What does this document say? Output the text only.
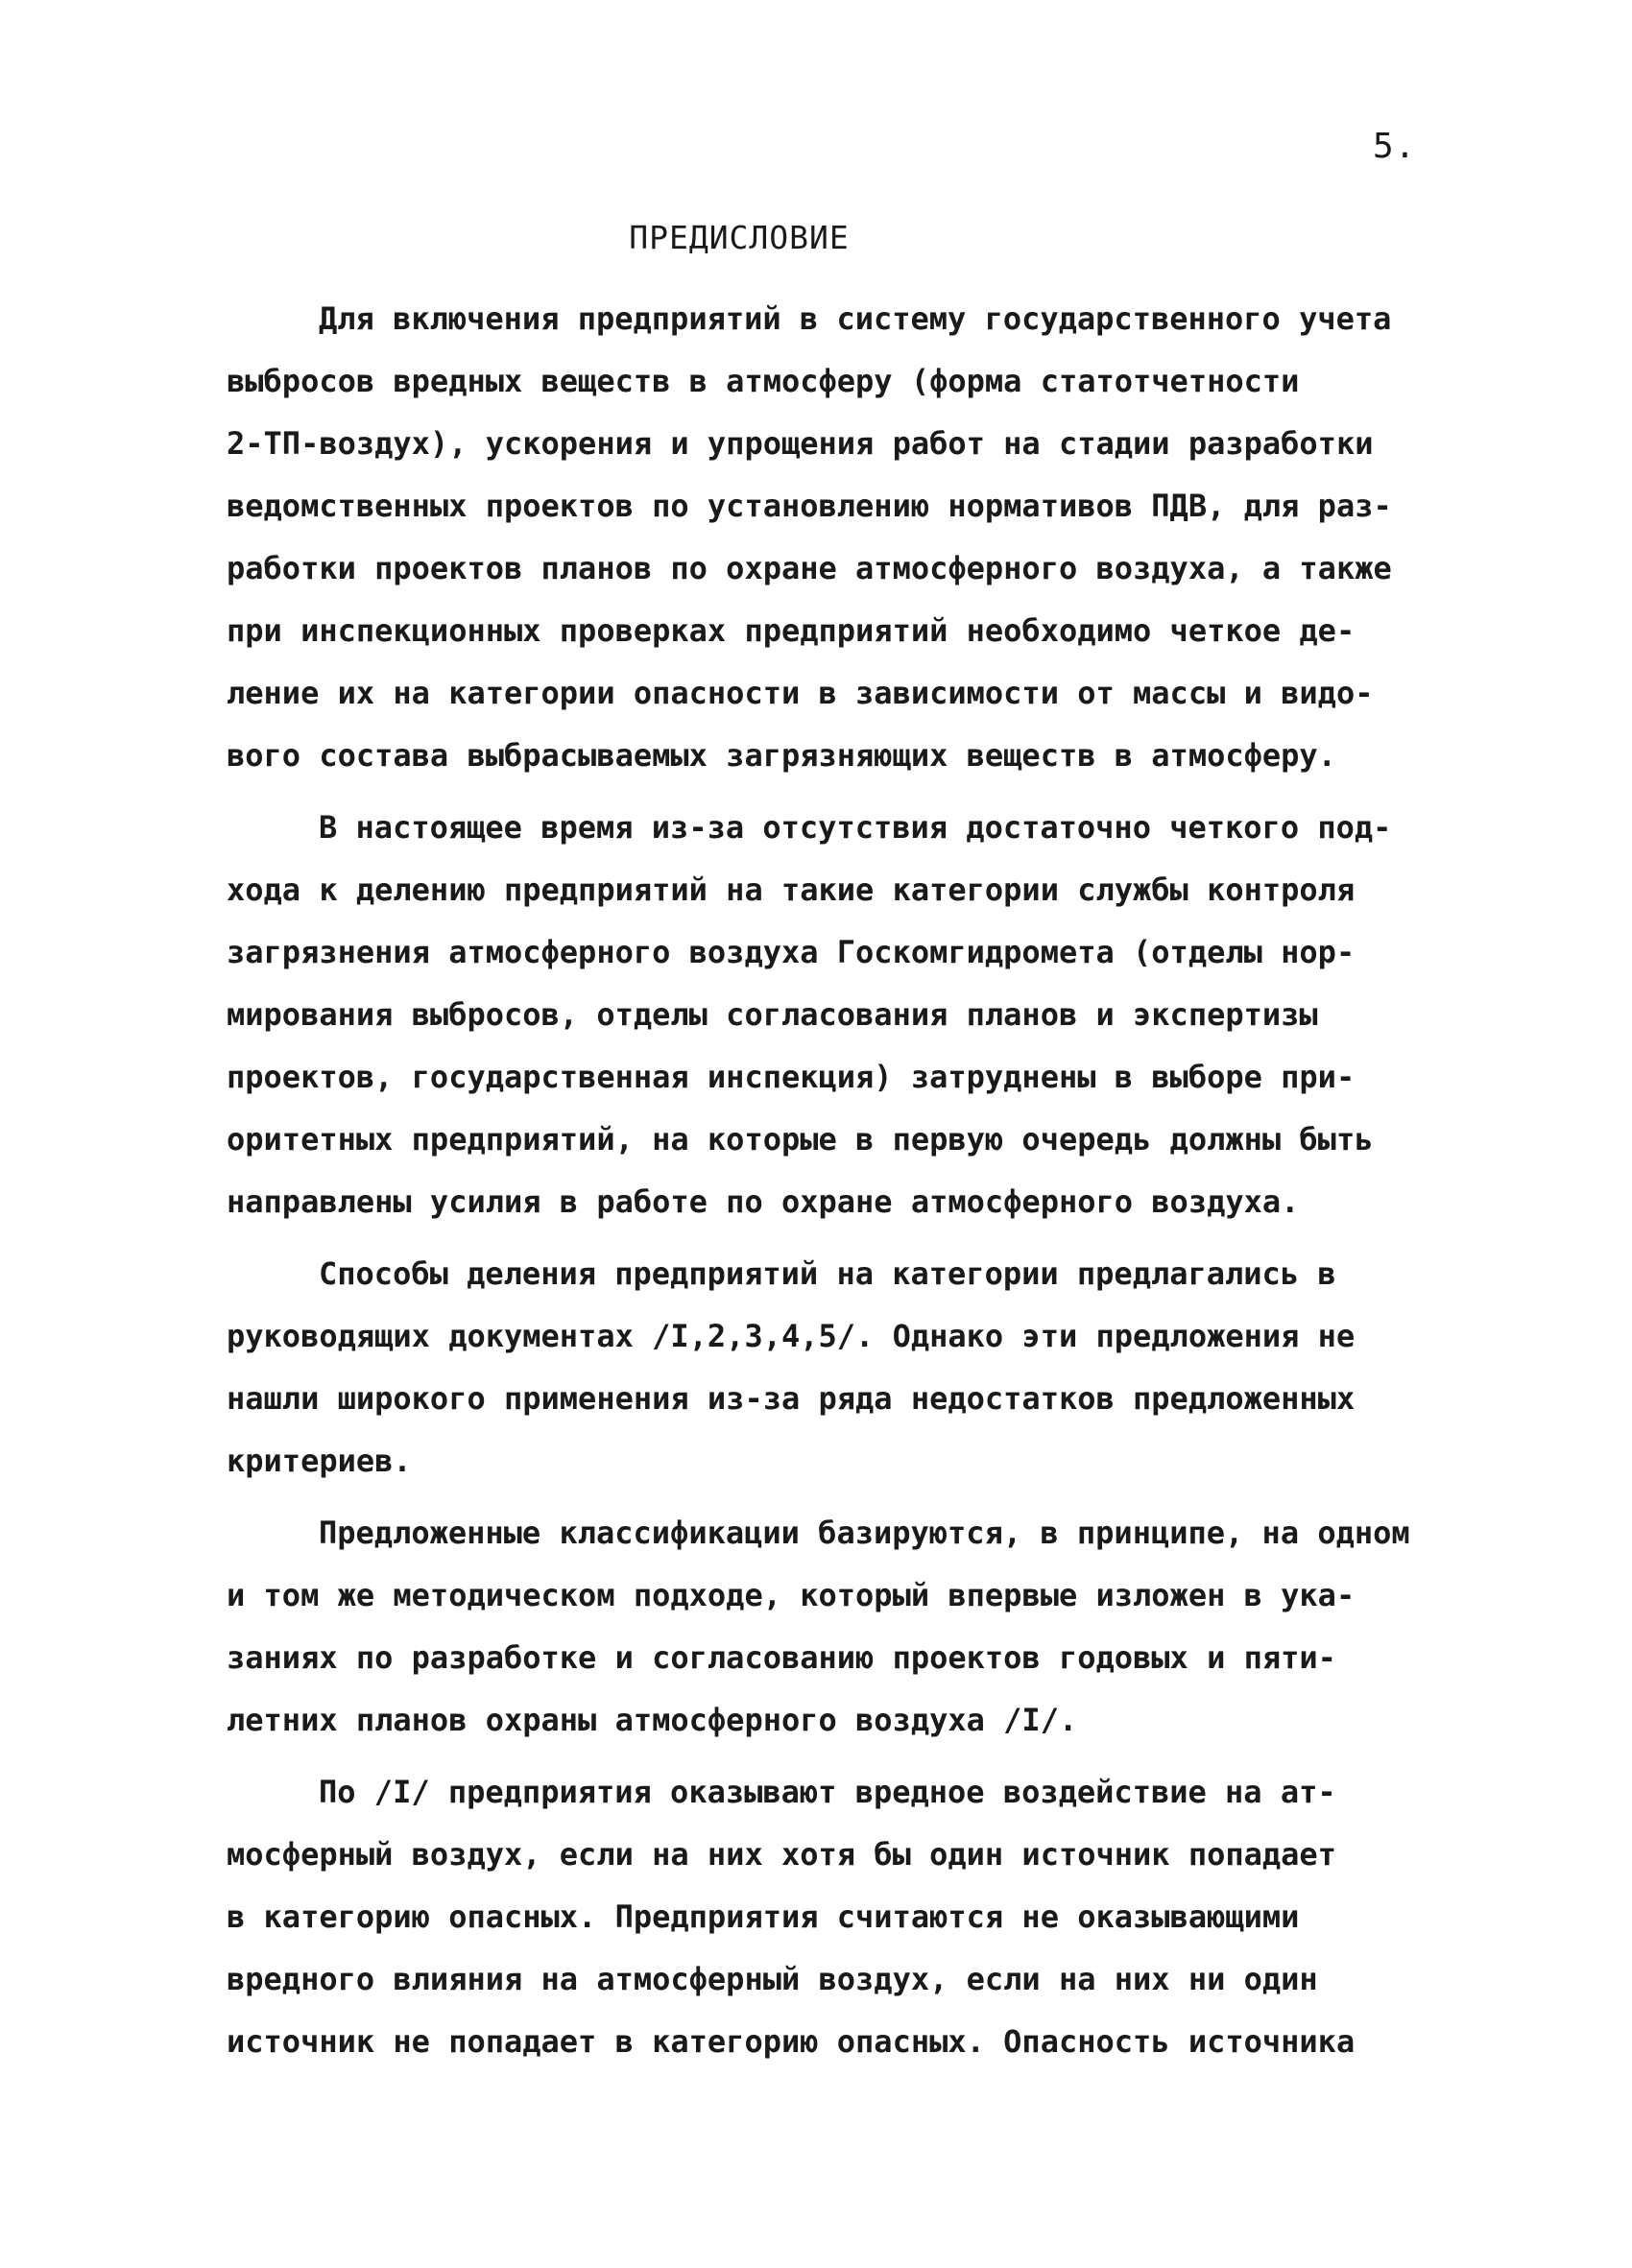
5.
ПРЕДИСЛОВИЕ
Для включения предприятий в систему государственного учета
выбросов вредных веществ в атмосферу (форма статотчетности
2-ТП-воздух), ускорения и упрощения работ на стадии разработки
ведомственных проектов по установлению нормативов ПДВ, для раз-
работки проектов планов по охране атмосферного воздуха, а также
при инспекционных проверках предприятий необходимо четкое де-
ление их на категории опасности в зависимости от массы и видо-
вого состава выбрасываемых загрязняющих веществ в атмосферу.
В настоящее время из-за отсутствия достаточно четкого под-
хода к делению предприятий на такие категории службы контроля
загрязнения атмосферного воздуха Госкомгидромета (отделы нор-
мирования выбросов, отделы согласования планов и экспертизы
проектов, государственная инспекция) затруднены в выборе при-
оритетных предприятий, на которые в первую очередь должны быть
направлены усилия в работе по охране атмосферного воздуха.
Способы деления предприятий на категории предлагались в
руководящих документах /I,2,3,4,5/. Однако эти предложения не
нашли широкого применения из-за ряда недостатков предложенных
критериев.
Предложенные классификации базируются, в принципе, на одном
и том же методическом подходе, который впервые изложен в ука-
заниях по разработке и согласованию проектов годовых и пяти-
летних планов охраны атмосферного воздуха /I/.
По /I/ предприятия оказывают вредное воздействие на ат-
мосферный воздух, если на них хотя бы один источник попадает
в категорию опасных. Предприятия считаются не оказывающими
вредного влияния на атмосферный воздух, если на них ни один
источник не попадает в категорию опасных. Опасность источника
